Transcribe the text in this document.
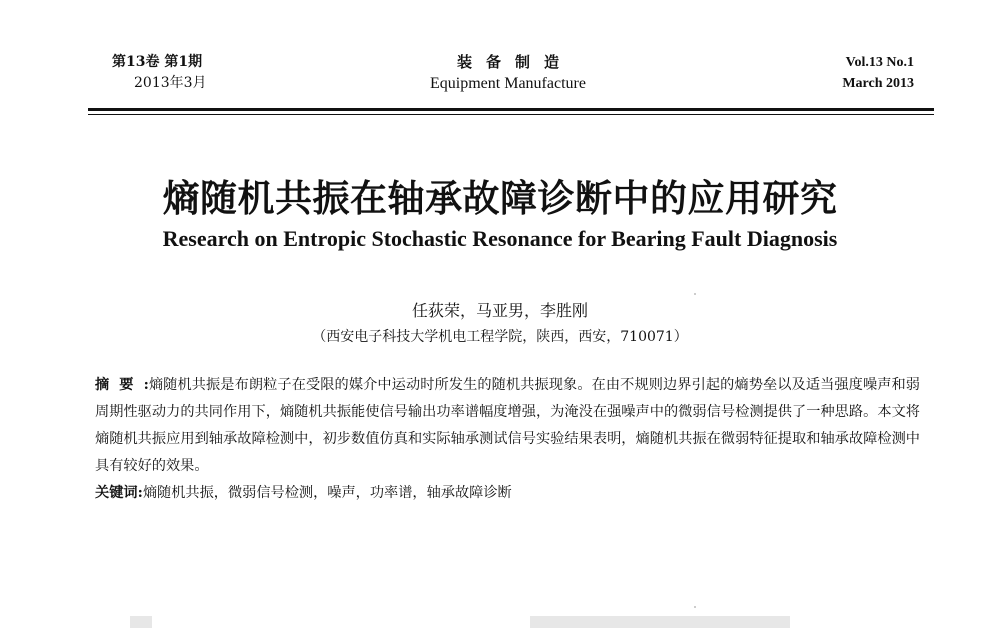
第13卷 第1期
2013年3月
装备制造
Equipment Manufacture
Vol.13 No.1
March 2013
熵随机共振在轴承故障诊断中的应用研究
Research on Entropic Stochastic Resonance for Bearing Fault Diagnosis
任荻荣，马亚男，李胜刚
（西安电子科技大学机电工程学院，陕西，西安，710071）
摘要:熵随机共振是布朗粒子在受限的媒介中运动时所发生的随机共振现象。在由不规则边界引起的熵势垒以及适当强度噪声和弱周期性驱动力的共同作用下，熵随机共振能使信号输出功率谱幅度增强，为淹没在强噪声中的微弱信号检测提供了一种思路。本文将熵随机共振应用到轴承故障检测中，初步数值仿真和实际轴承测试信号实验结果表明，熵随机共振在微弱特征提取和轴承故障检测中具有较好的效果。
关键词:熵随机共振，微弱信号检测，噪声，功率谱，轴承故障诊断
